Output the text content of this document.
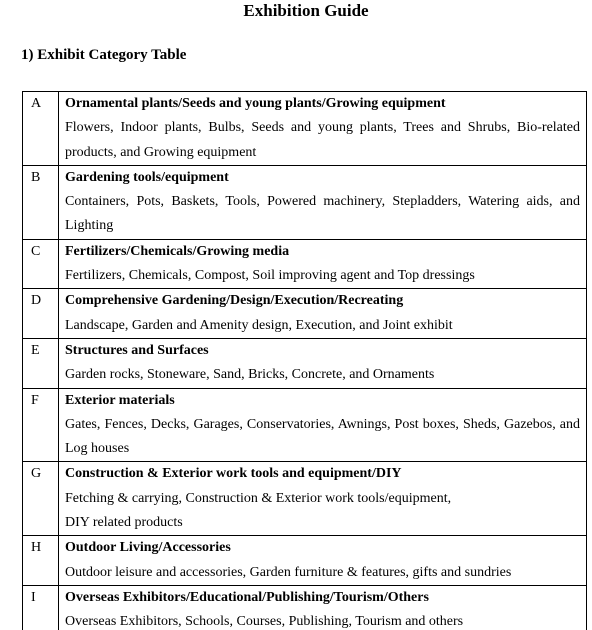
Exhibition Guide
1) Exhibit Category Table
A	Ornamental plants/Seeds and young plants/Growing equipment
Flowers, Indoor plants, Bulbs, Seeds and young plants, Trees and Shrubs, Bio-related products, and Growing equipment

B	Gardening tools/equipment
Containers, Pots, Baskets, Tools, Powered machinery, Stepladders, Watering aids, and Lighting

C	Fertilizers/Chemicals/Growing media
Fertilizers, Chemicals, Compost, Soil improving agent and Top dressings

D	Comprehensive Gardening/Design/Execution/Recreating
Landscape, Garden and Amenity design, Execution, and Joint exhibit

E	Structures and Surfaces
Garden rocks, Stoneware, Sand, Bricks, Concrete, and Ornaments

F	Exterior materials
Gates, Fences, Decks, Garages, Conservatories, Awnings, Post boxes, Sheds, Gazebos, and Log houses

G	Construction & Exterior work tools and equipment/DIY
Fetching & carrying, Construction & Exterior work tools/equipment,
DIY related products

H	Outdoor Living/Accessories
Outdoor leisure and accessories, Garden furniture & features, gifts and sundries

I	Overseas Exhibitors/Educational/Publishing/Tourism/Others
Overseas Exhibitors, Schools, Courses, Publishing, Tourism and others
